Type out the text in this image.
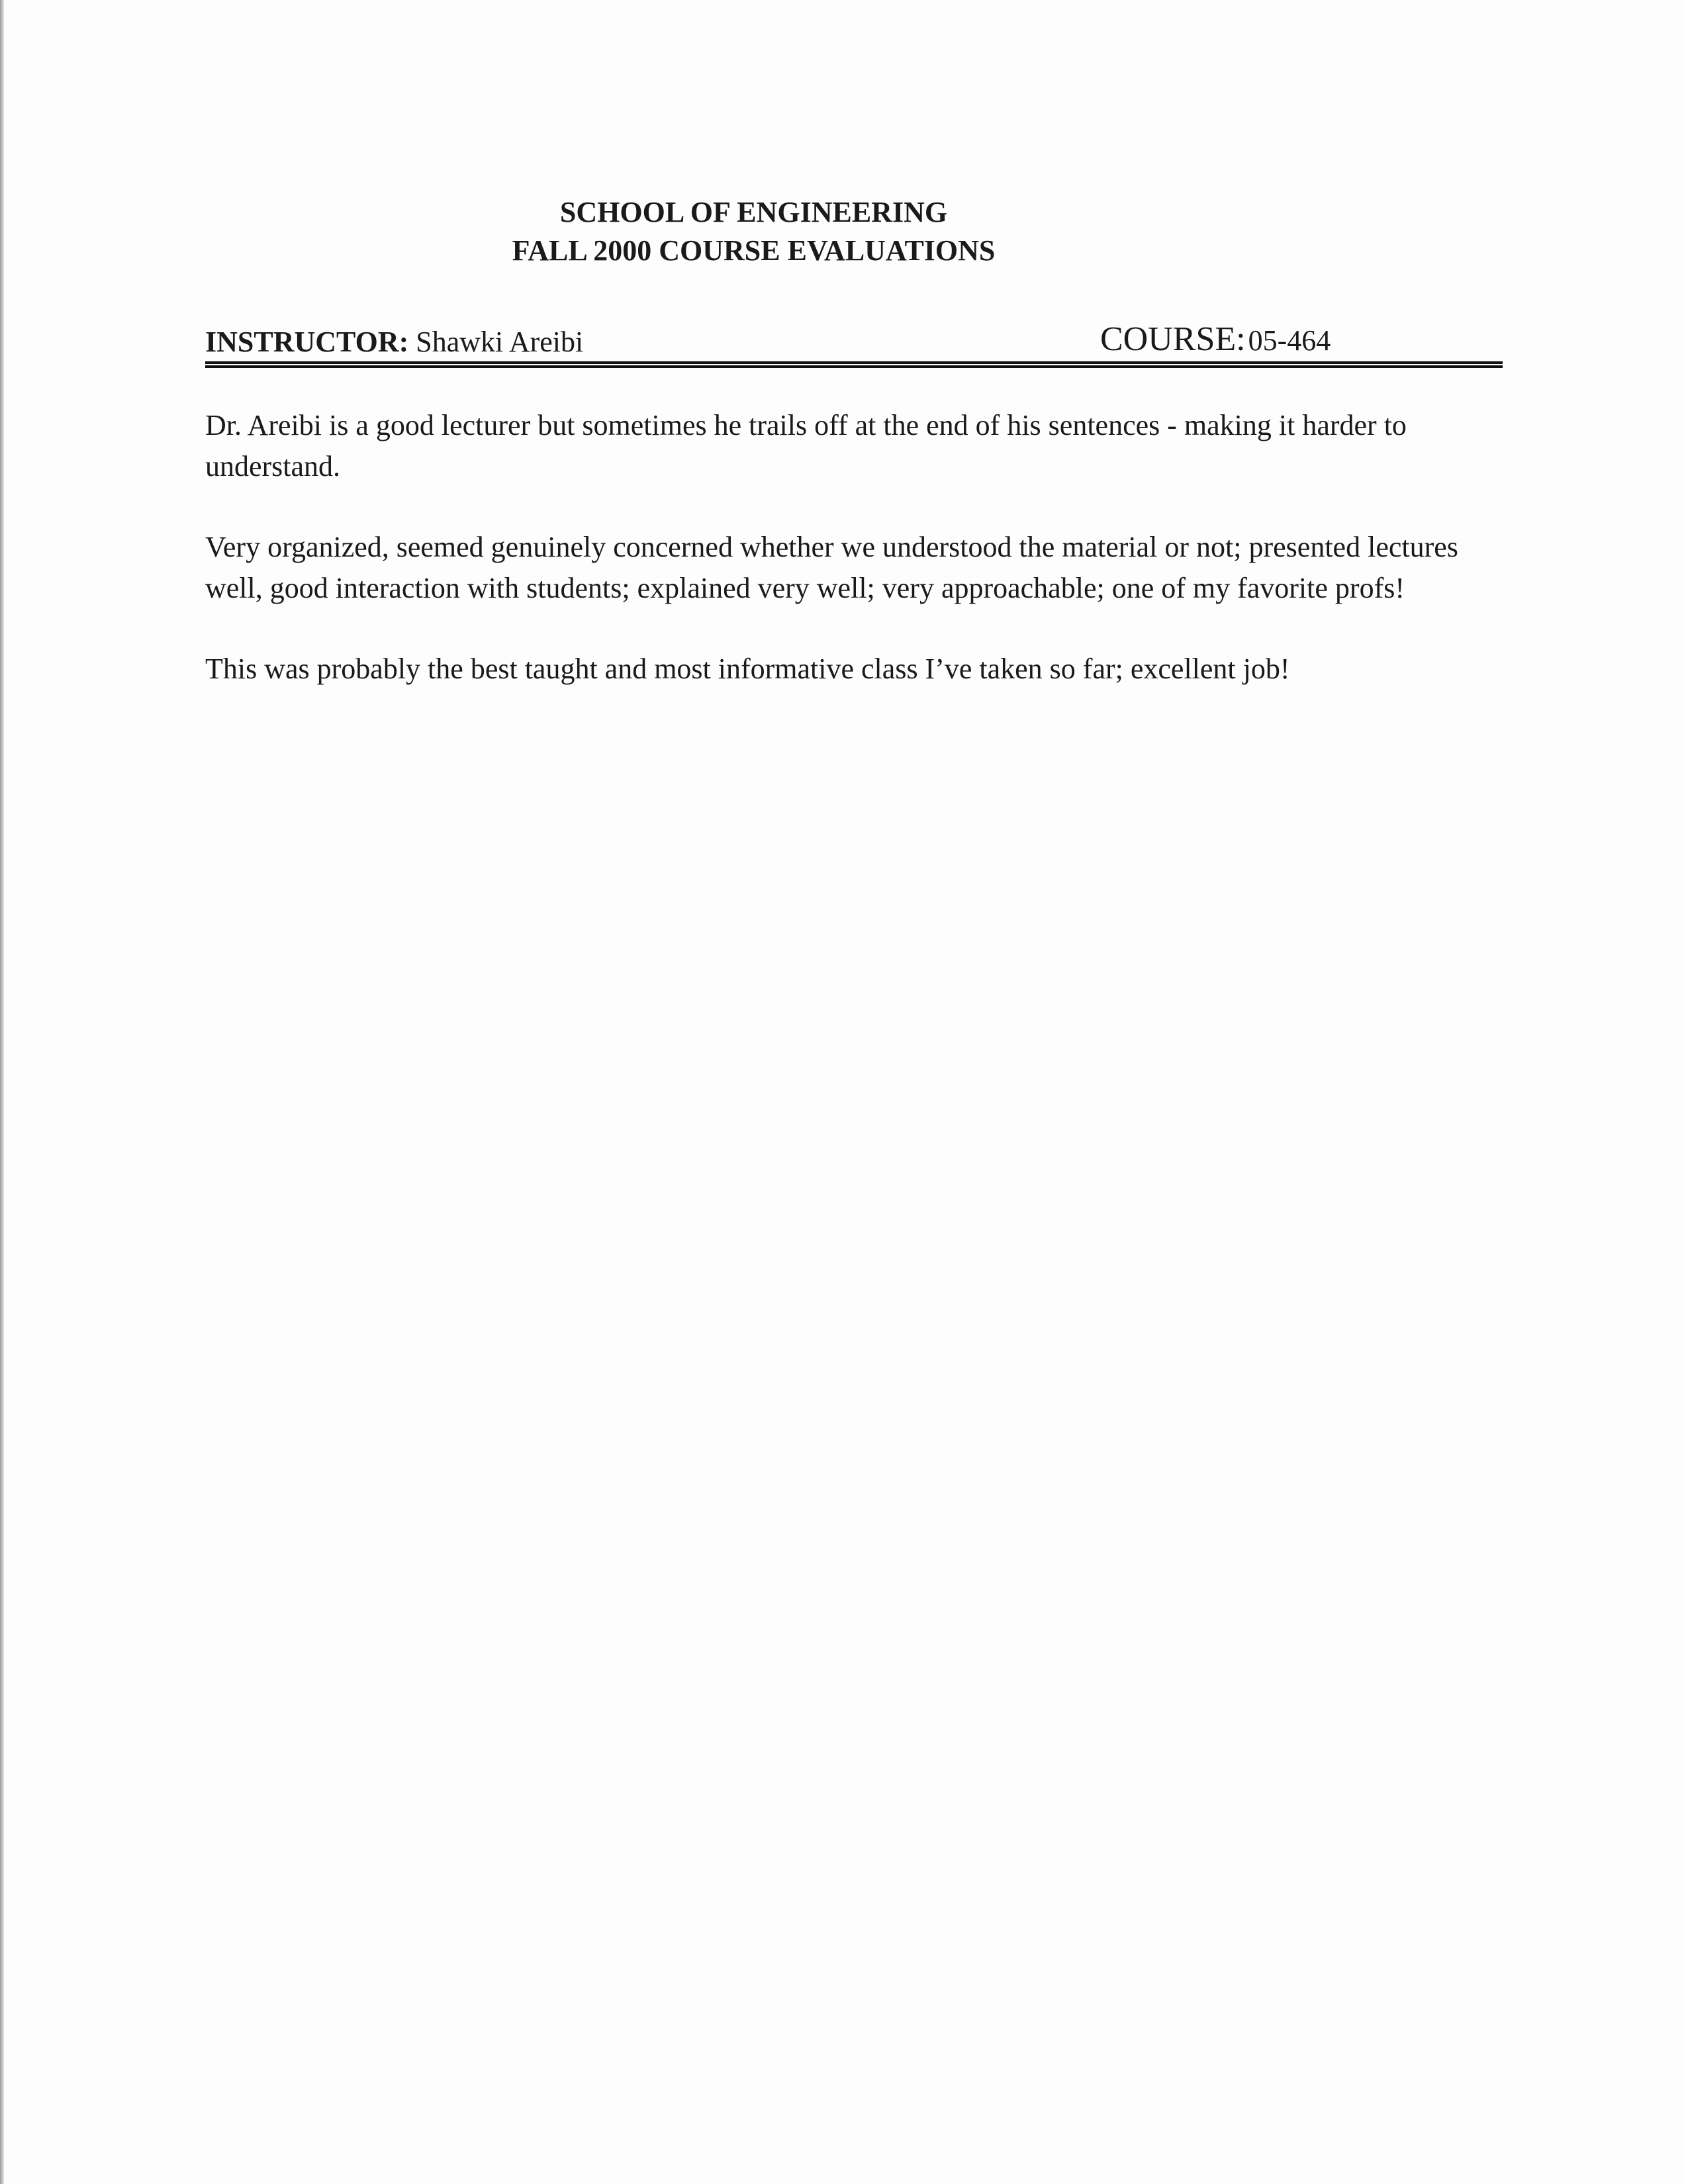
SCHOOL OF ENGINEERING
FALL 2000 COURSE EVALUATIONS
INSTRUCTOR: Shawki Areibi	COURSE: 05-464

Dr. Areibi is a good lecturer but sometimes he trails off at the end of his sentences - making it harder to understand.

Very organized, seemed genuinely concerned whether we understood the material or not; presented lectures well, good interaction with students; explained very well; very approachable; one of my favorite profs!

This was probably the best taught and most informative class I’ve taken so far; excellent job!
